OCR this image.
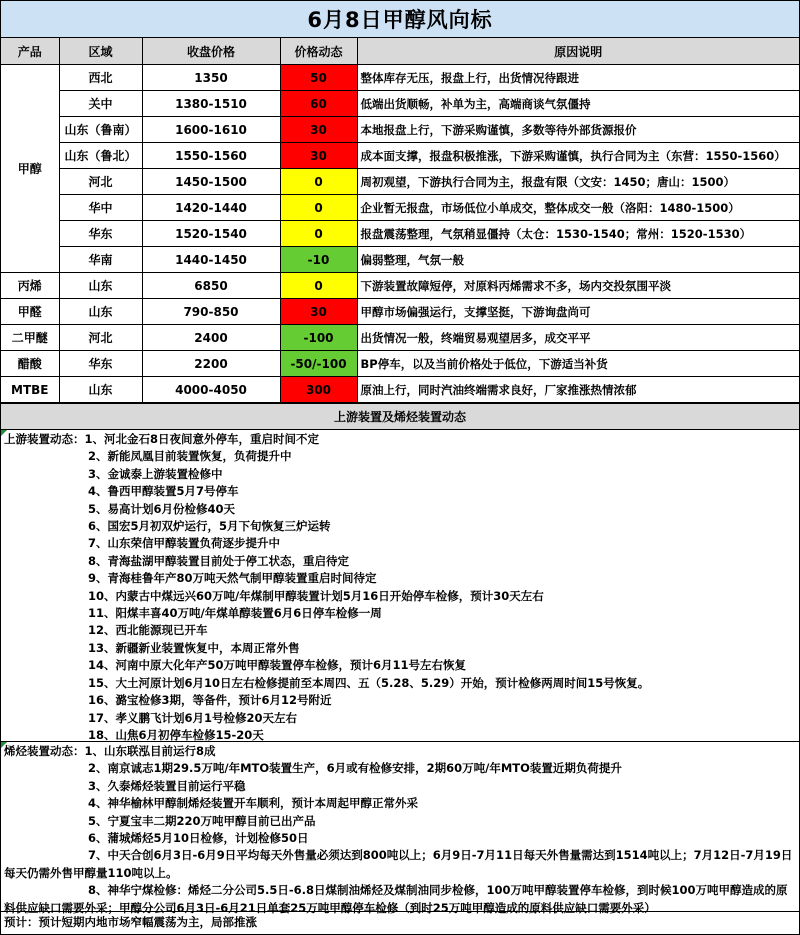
6月8日甲醇风向标
产品	区域	收盘价格	价格动态	原因说明
甲醇	西北	1350	50	整体库存无压，报盘上行，出货情况待跟进
	关中	1380-1510	60	低端出货顺畅，补单为主，高端商谈气氛僵持
	山东（鲁南）	1600-1610	30	本地报盘上行，下游采购谨慎，多数等待外部货源报价
	山东（鲁北）	1550-1560	30	成本面支撑，报盘积极推涨，下游采购谨慎，执行合同为主（东营：1550-1560）
	河北	1450-1500	0	周初观望，下游执行合同为主，报盘有限（文安：1450；唐山：1500）
	华中	1420-1440	0	企业暂无报盘，市场低位小单成交，整体成交一般（洛阳：1480-1500）
	华东	1520-1540	0	报盘震荡整理，气氛稍显僵持（太仓：1530-1540；常州：1520-1530）
	华南	1440-1450	-10	偏弱整理，气氛一般
丙烯	山东	6850	0	下游装置故障短停，对原料丙烯需求不多，场内交投氛围平淡
甲醛	山东	790-850	30	甲醇市场偏强运行，支撑坚挺，下游询盘尚可
二甲醚	河北	2400	-100	出货情况一般，终端贸易观望居多，成交平平
醋酸	华东	2200	-50/-100	BP停车，以及当前价格处于低位，下游适当补货
MTBE	山东	4000-4050	300	原油上行，同时汽油终端需求良好，厂家推涨热情浓郁
上游装置及烯烃装置动态
上游装置动态：1、河北金石8日夜间意外停车，重启时间不定
2、新能凤凰目前装置恢复，负荷提升中
3、金诚泰上游装置检修中
4、鲁西甲醇装置5月7号停车
5、易高计划6月份检修40天
6、国宏5月初双炉运行，5月下旬恢复三炉运转
7、山东荣信甲醇装置负荷逐步提升中
8、青海盐湖甲醇装置目前处于停工状态，重启待定
9、青海桂鲁年产80万吨天然气制甲醇装置重启时间待定
10、内蒙古中煤远兴60万吨/年煤制甲醇装置计划5月16日开始停车检修，预计30天左右
11、阳煤丰喜40万吨/年煤单醇装置6月6日停车检修一周
12、西北能源现已开车
13、新疆新业装置恢复中，本周正常外售
14、河南中原大化年产50万吨甲醇装置停车检修，预计6月11号左右恢复
15、大土河原计划6月10日左右检修提前至本周四、五（5.28、5.29）开始，预计检修两周时间15号恢复。
16、潞宝检修3期，等备件，预计6月12号附近
17、孝义鹏飞计划6月1号检修20天左右
18、山焦6月初停车检修15-20天
烯烃装置动态：1、山东联泓目前运行8成
2、南京诚志1期29.5万吨/年MTO装置生产，6月或有检修安排，2期60万吨/年MTO装置近期负荷提升
3、久泰烯烃装置目前运行平稳
4、神华榆林甲醇制烯烃装置开车顺利，预计本周起甲醇正常外采
5、宁夏宝丰二期220万吨甲醇目前已出产品
6、蒲城烯烃5月10日检修，计划检修50日
7、中天合创6月3日-6月9日平均每天外售量必须达到800吨以上；6月9日-7月11日每天外售量需达到1514吨以上；7月12日-7月19日每天仍需外售甲醇量110吨以上。
8、神华宁煤检修：烯烃二分公司5.5日-6.8日煤制油烯烃及煤制油同步检修，100万吨甲醇装置停车检修，到时候100万吨甲醇造成的原料供应缺口需要外采；甲醇分公司6月3日-6月21日单套25万吨甲醇停车检修（到时25万吨甲醇造成的原料供应缺口需要外采）
预计：预计短期内地市场窄幅震荡为主，局部推涨
